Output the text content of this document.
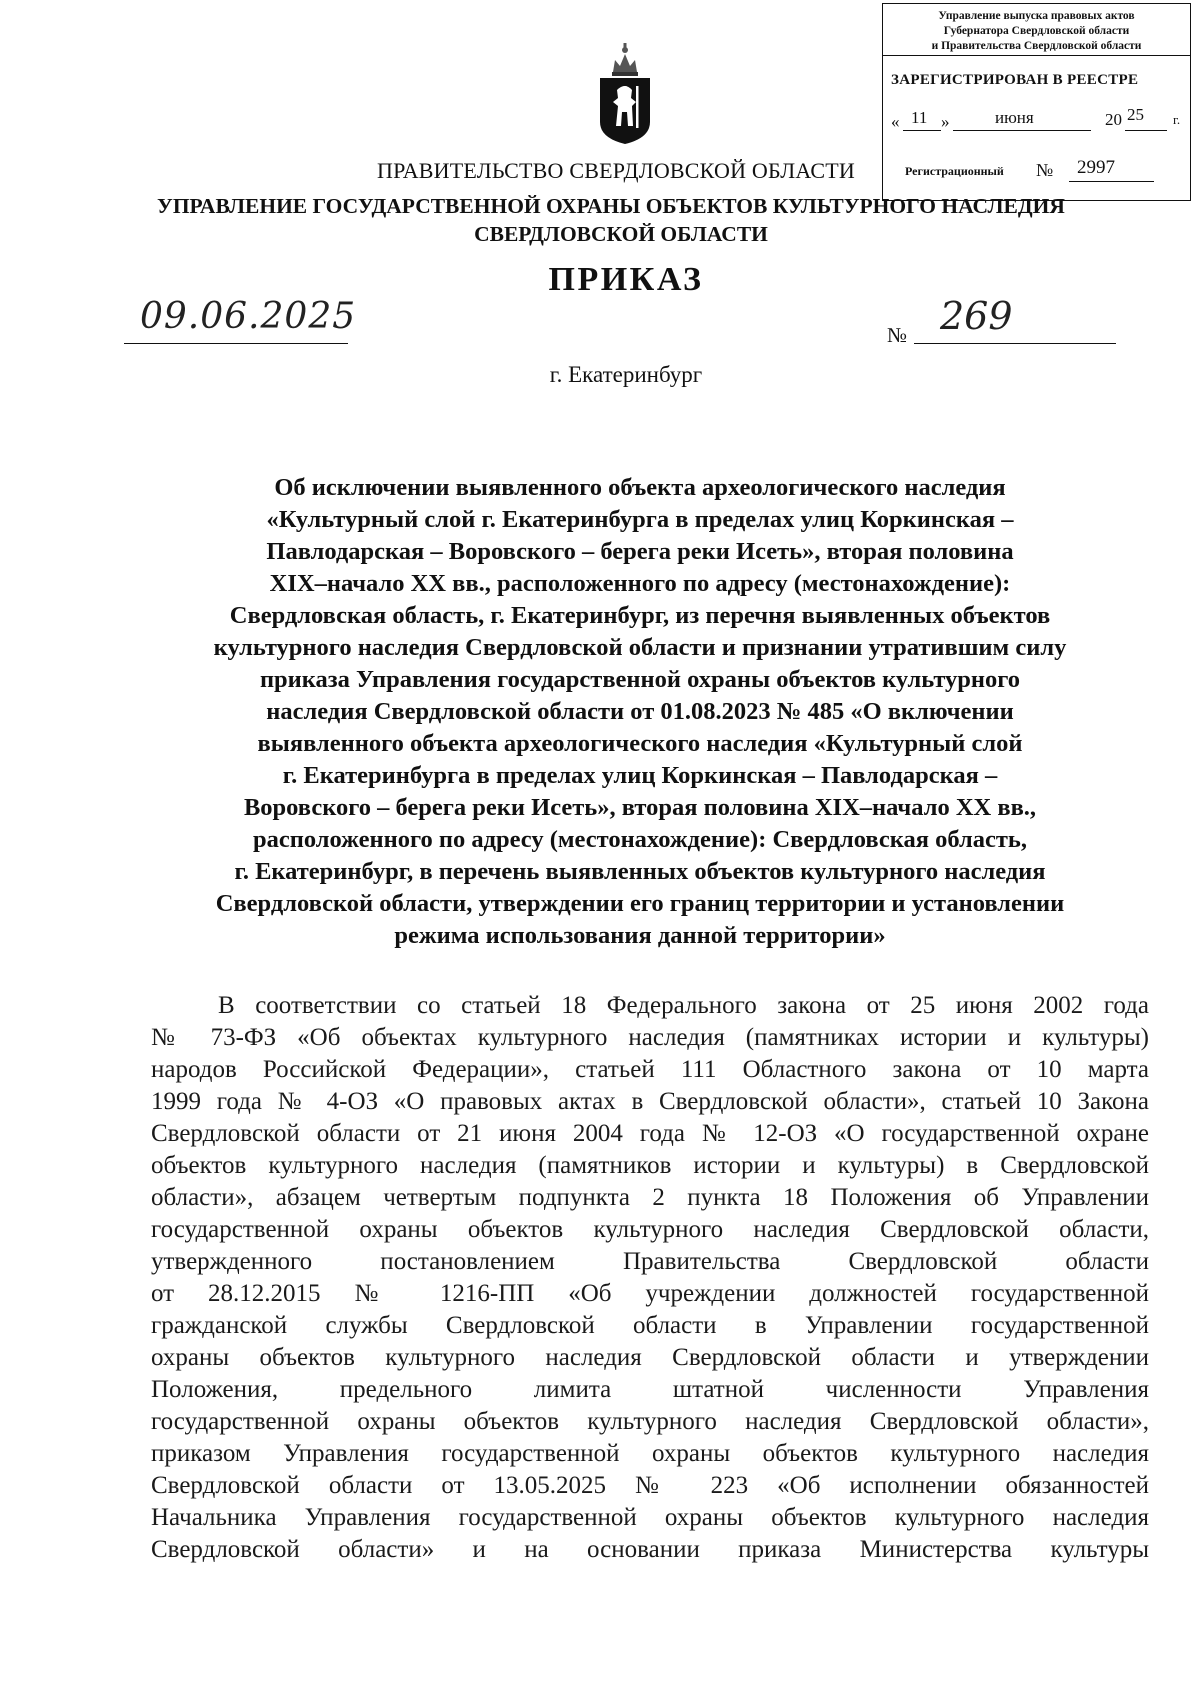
Управление выпуска правовых актов
Губернатора Свердловской области
и Правительства Свердловской области
ЗАРЕГИСТРИРОВАН В РЕЕСТРЕ
« 11 »	июня	20 25 г.
Регистрационный № 2997
ПРАВИТЕЛЬСТВО СВЕРДЛОВСКОЙ ОБЛАСТИ
УПРАВЛЕНИЕ ГОСУДАРСТВЕННОЙ ОХРАНЫ ОБЪЕКТОВ КУЛЬТУРНОГО НАСЛЕДИЯ
СВЕРДЛОВСКОЙ ОБЛАСТИ
ПРИКАЗ
09.06.2025	№ 269
г. Екатеринбург
Об исключении выявленного объекта археологического наследия
«Культурный слой г. Екатеринбурга в пределах улиц Коркинская –
Павлодарская – Воровского – берега реки Исеть», вторая половина
XIX–начало XX вв., расположенного по адресу (местонахождение):
Свердловская область, г. Екатеринбург, из перечня выявленных объектов
культурного наследия Свердловской области и признании утратившим силу
приказа Управления государственной охраны объектов культурного
наследия Свердловской области от 01.08.2023 № 485 «О включении
выявленного объекта археологического наследия «Культурный слой
г. Екатеринбурга в пределах улиц Коркинская – Павлодарская –
Воровского – берега реки Исеть», вторая половина XIX–начало XX вв.,
расположенного по адресу (местонахождение): Свердловская область,
г. Екатеринбург, в перечень выявленных объектов культурного наследия
Свердловской области, утверждении его границ территории и установлении
режима использования данной территории»
В соответствии со статьей 18 Федерального закона от 25 июня 2002 года
№ 73-ФЗ «Об объектах культурного наследия (памятниках истории и культуры)
народов Российской Федерации», статьей 111 Областного закона от 10 марта
1999 года № 4-ОЗ «О правовых актах в Свердловской области», статьей 10 Закона
Свердловской области от 21 июня 2004 года № 12-ОЗ «О государственной охране
объектов культурного наследия (памятников истории и культуры) в Свердловской
области», абзацем четвертым подпункта 2 пункта 18 Положения об Управлении
государственной охраны объектов культурного наследия Свердловской области,
утвержденного постановлением Правительства Свердловской области
от 28.12.2015 № 1216-ПП «Об учреждении должностей государственной
гражданской службы Свердловской области в Управлении государственной
охраны объектов культурного наследия Свердловской области и утверждении
Положения, предельного лимита штатной численности Управления
государственной охраны объектов культурного наследия Свердловской области»,
приказом Управления государственной охраны объектов культурного наследия
Свердловской области от 13.05.2025 № 223 «Об исполнении обязанностей
Начальника Управления государственной охраны объектов культурного наследия
Свердловской области» и на основании приказа Министерства культуры
